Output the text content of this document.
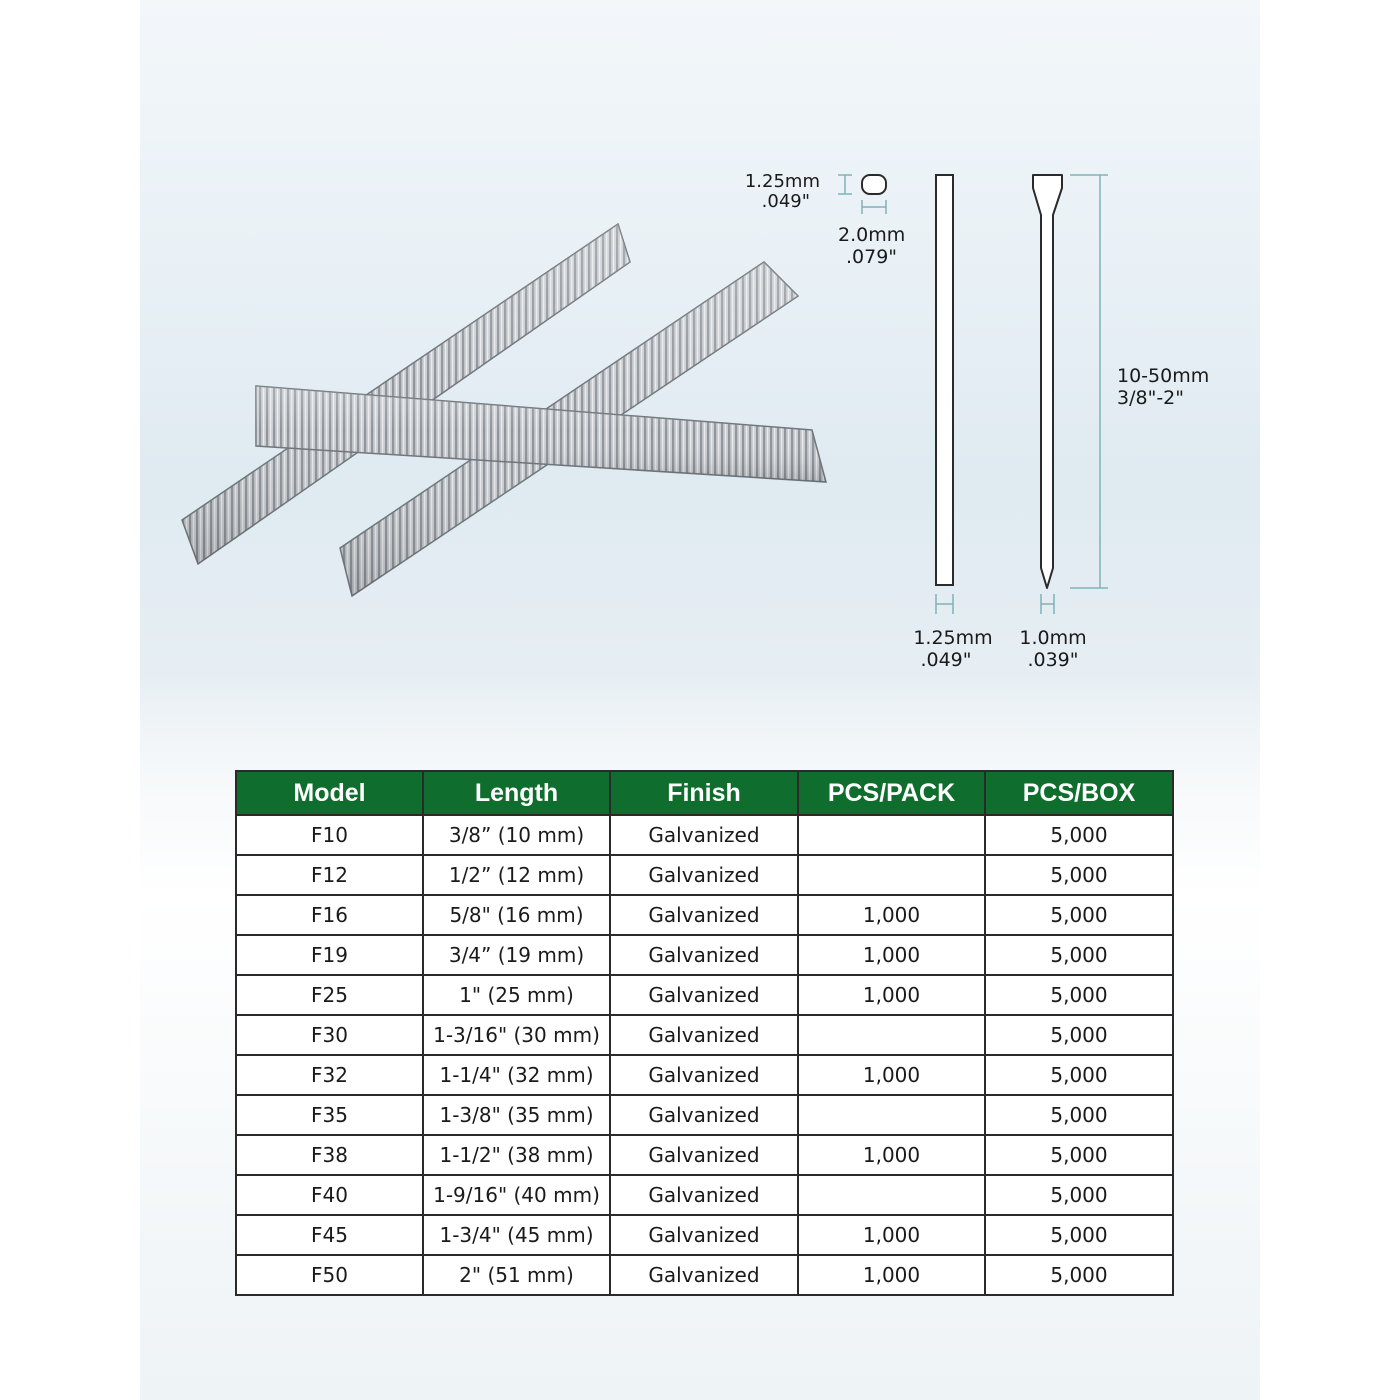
1.25mm
.049"
2.0mm
.079"
10-50mm
3/8"-2"
1.25mm
.049"
1.0mm
.039"
Model	Length	Finish	PCS/PACK	PCS/BOX
F10	3/8” (10 mm)	Galvanized		5,000
F12	1/2” (12 mm)	Galvanized		5,000
F16	5/8" (16 mm)	Galvanized	1,000	5,000
F19	3/4” (19 mm)	Galvanized	1,000	5,000
F25	1" (25 mm)	Galvanized	1,000	5,000
F30	1-3/16" (30 mm)	Galvanized		5,000
F32	1-1/4" (32 mm)	Galvanized	1,000	5,000
F35	1-3/8" (35 mm)	Galvanized		5,000
F38	1-1/2" (38 mm)	Galvanized	1,000	5,000
F40	1-9/16" (40 mm)	Galvanized		5,000
F45	1-3/4" (45 mm)	Galvanized	1,000	5,000
F50	2" (51 mm)	Galvanized	1,000	5,000
